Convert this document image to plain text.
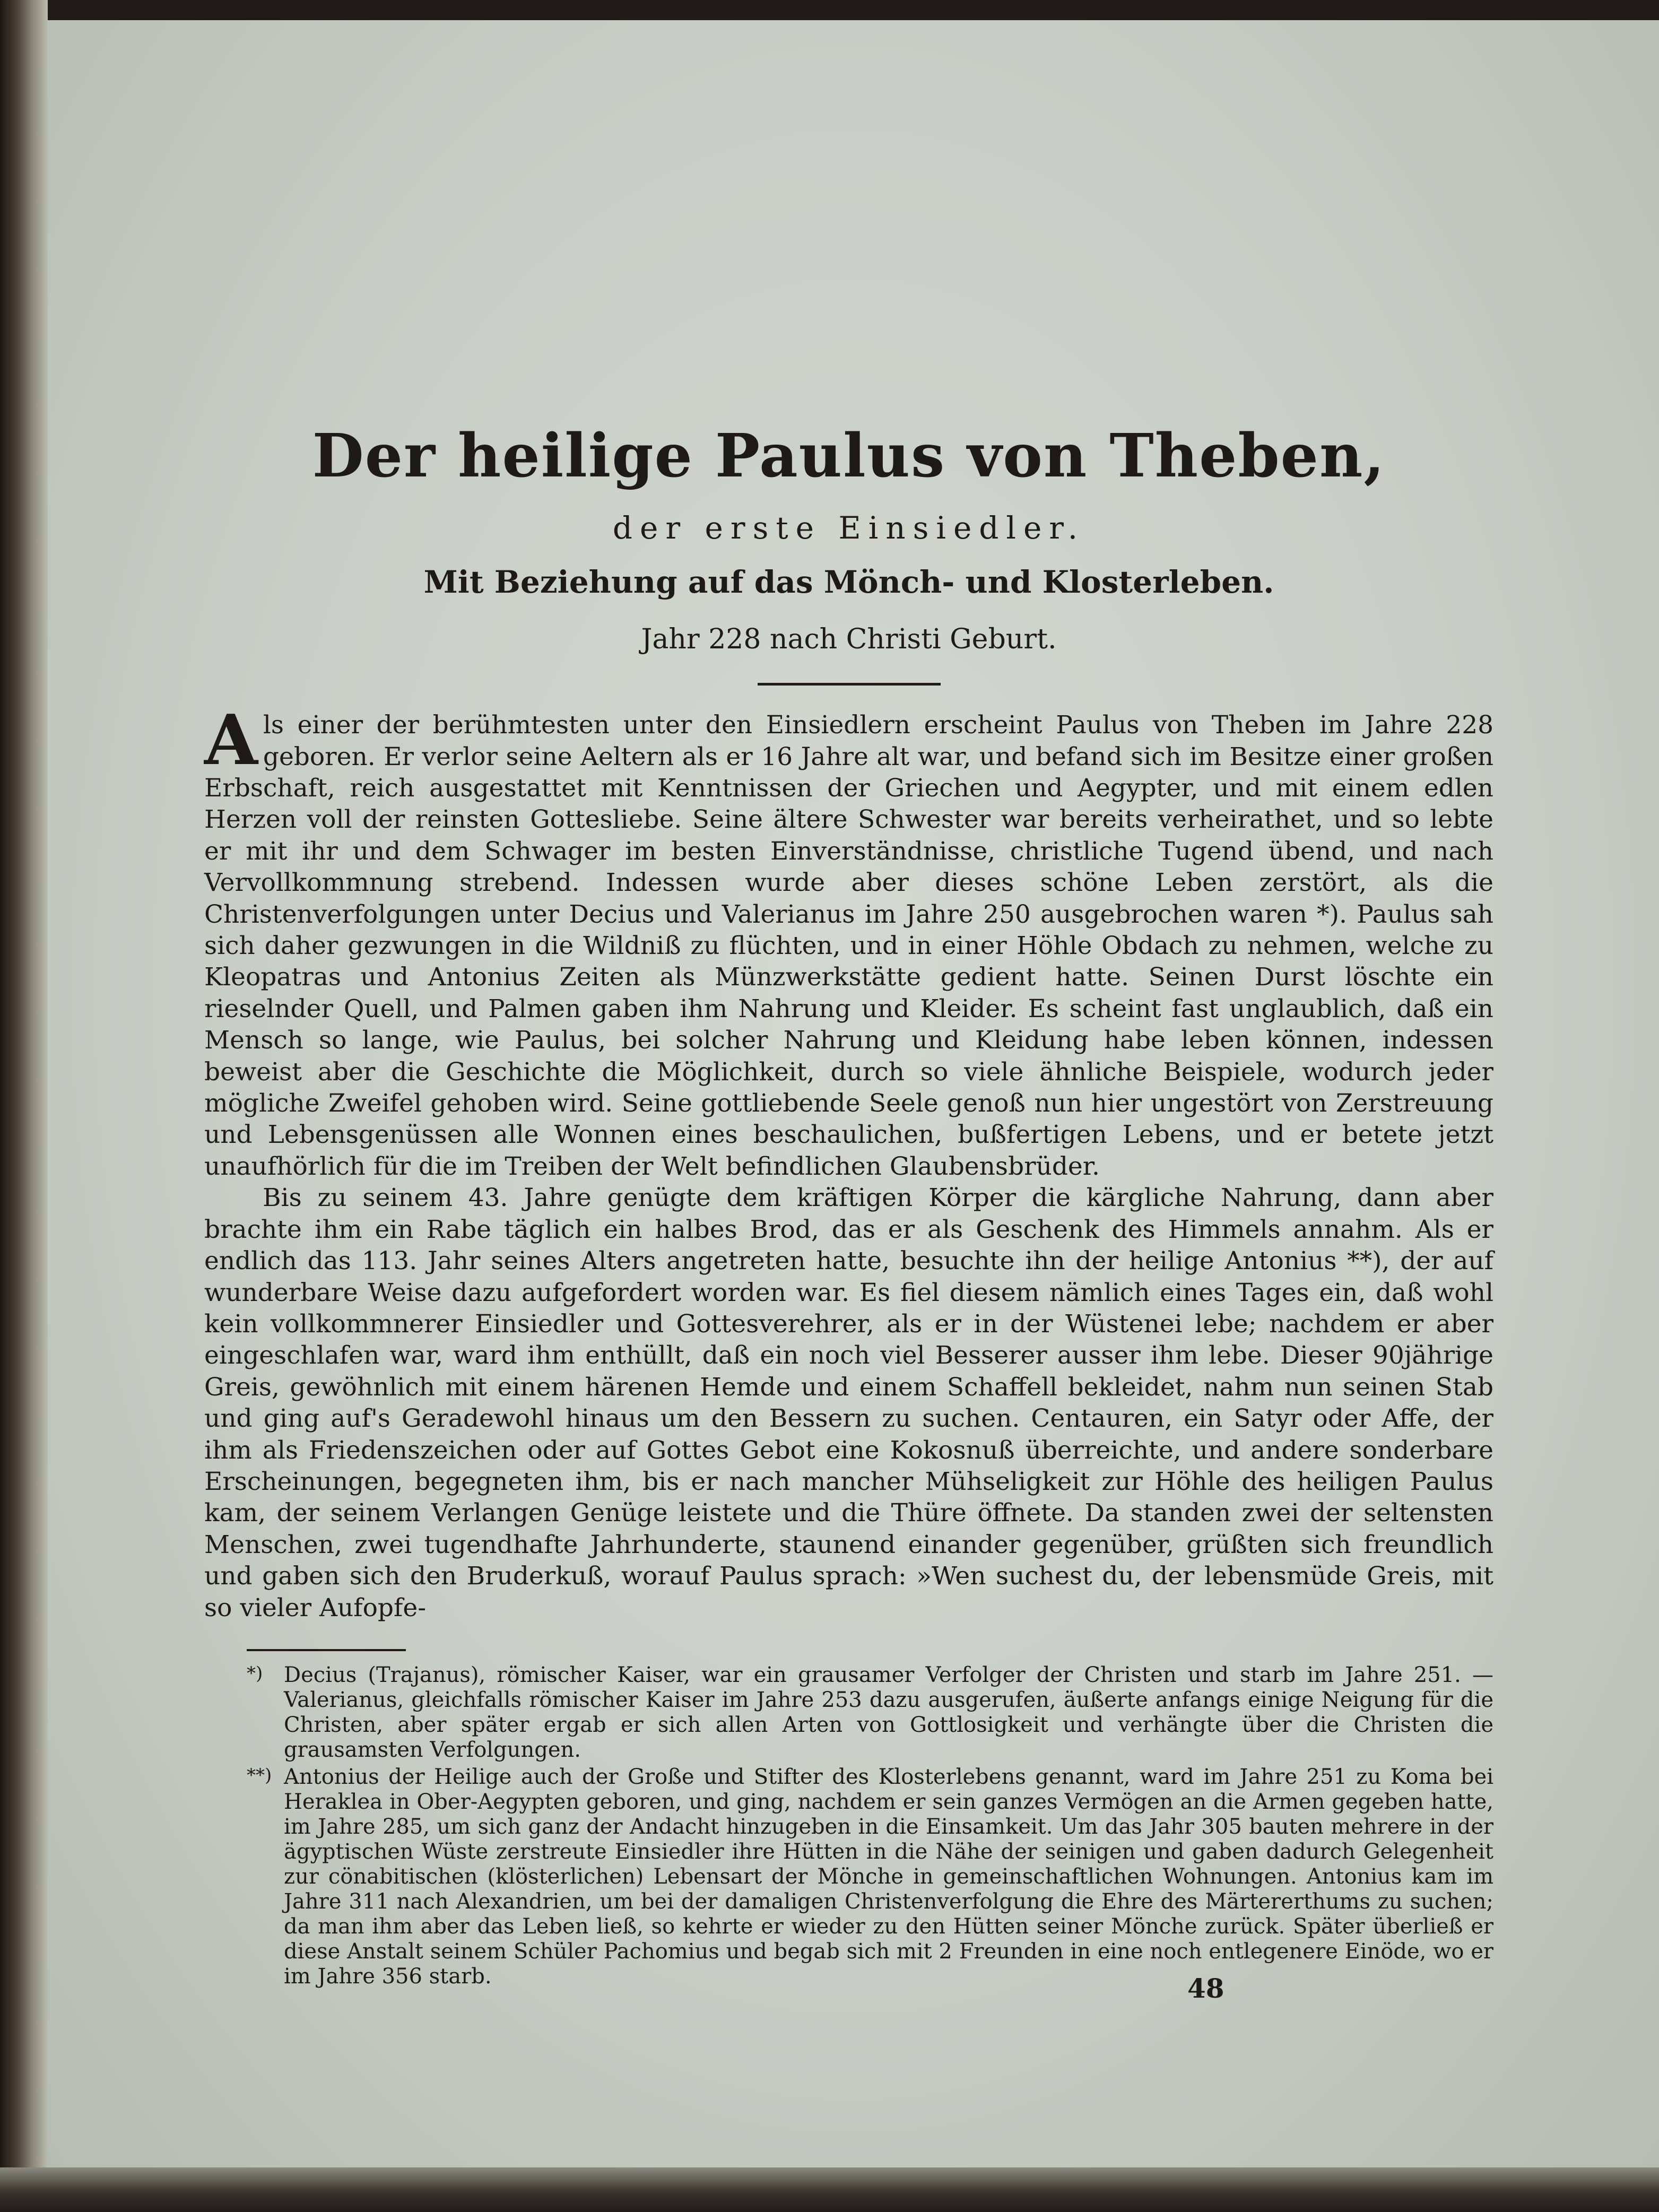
Der heilige Paulus von Theben,
der erste Einsiedler.
Mit Beziehung auf das Mönch- und Klosterleben.
Jahr 228 nach Christi Geburt.

Als einer der berühmtesten unter den Einsiedlern erscheint Paulus von Theben im Jahre 228 geboren. Er verlor seine Aeltern als er 16 Jahre alt war, und befand sich im Besitze einer großen Erbschaft, reich ausgestattet mit Kenntnissen der Griechen und Aegypter, und mit einem edlen Herzen voll der reinsten Gottesliebe. Seine ältere Schwester war bereits verheirathet, und so lebte er mit ihr und dem Schwager im besten Einverständnisse, christliche Tugend übend, und nach Vervollkommnung strebend. Indessen wurde aber dieses schöne Leben zerstört, als die Christenverfolgungen unter Decius und Valerianus im Jahre 250 ausgebrochen waren *). Paulus sah sich daher gezwungen in die Wildniß zu flüchten, und in einer Höhle Obdach zu nehmen, welche zu Kleopatras und Antonius Zeiten als Münzwerkstätte gedient hatte. Seinen Durst löschte ein rieselnder Quell, und Palmen gaben ihm Nahrung und Kleider. Es scheint fast unglaublich, daß ein Mensch so lange, wie Paulus, bei solcher Nahrung und Kleidung habe leben können, indessen beweist aber die Geschichte die Möglichkeit, durch so viele ähnliche Beispiele, wodurch jeder mögliche Zweifel gehoben wird. Seine gottliebende Seele genoß nun hier ungestört von Zerstreuung und Lebensgenüssen alle Wonnen eines beschaulichen, bußfertigen Lebens, und er betete jetzt unaufhörlich für die im Treiben der Welt befindlichen Glaubensbrüder.

Bis zu seinem 43. Jahre genügte dem kräftigen Körper die kärgliche Nahrung, dann aber brachte ihm ein Rabe täglich ein halbes Brod, das er als Geschenk des Himmels annahm. Als er endlich das 113. Jahr seines Alters angetreten hatte, besuchte ihn der heilige Antonius **), der auf wunderbare Weise dazu aufgefordert worden war. Es fiel diesem nämlich eines Tages ein, daß wohl kein vollkommnerer Einsiedler und Gottesverehrer, als er in der Wüstenei lebe; nachdem er aber eingeschlafen war, ward ihm enthüllt, daß ein noch viel Besserer ausser ihm lebe. Dieser 90jährige Greis, gewöhnlich mit einem härenen Hemde und einem Schaffell bekleidet, nahm nun seinen Stab und ging auf's Geradewohl hinaus um den Bessern zu suchen. Centauren, ein Satyr oder Affe, der ihm als Friedenszeichen oder auf Gottes Gebot eine Kokosnuß überreichte, und andere sonderbare Erscheinungen, begegneten ihm, bis er nach mancher Mühseligkeit zur Höhle des heiligen Paulus kam, der seinem Verlangen Genüge leistete und die Thüre öffnete. Da standen zwei der seltensten Menschen, zwei tugendhafte Jahrhunderte, staunend einander gegenüber, grüßten sich freundlich und gaben sich den Bruderkuß, worauf Paulus sprach: »Wen suchest du, der lebensmüde Greis, mit so vieler Aufopfe-

*) Decius (Trajanus), römischer Kaiser, war ein grausamer Verfolger der Christen und starb im Jahre 251. — Valerianus, gleichfalls römischer Kaiser im Jahre 253 dazu ausgerufen, äußerte anfangs einige Neigung für die Christen, aber später ergab er sich allen Arten von Gottlosigkeit und verhängte über die Christen die grausamsten Verfolgungen.
**) Antonius der Heilige auch der Große und Stifter des Klosterlebens genannt, ward im Jahre 251 zu Koma bei Heraklea in Ober-Aegypten geboren, und ging, nachdem er sein ganzes Vermögen an die Armen gegeben hatte, im Jahre 285, um sich ganz der Andacht hinzugeben in die Einsamkeit. Um das Jahr 305 bauten mehrere in der ägyptischen Wüste zerstreute Einsiedler ihre Hütten in die Nähe der seinigen und gaben dadurch Gelegenheit zur cönabitischen (klösterlichen) Lebensart der Mönche in gemeinschaftlichen Wohnungen. Antonius kam im Jahre 311 nach Alexandrien, um bei der damaligen Christenverfolgung die Ehre des Märtererthums zu suchen; da man ihm aber das Leben ließ, so kehrte er wieder zu den Hütten seiner Mönche zurück. Später überließ er diese Anstalt seinem Schüler Pachomius und begab sich mit 2 Freunden in eine noch entlegenere Einöde, wo er im Jahre 356 starb.	48
